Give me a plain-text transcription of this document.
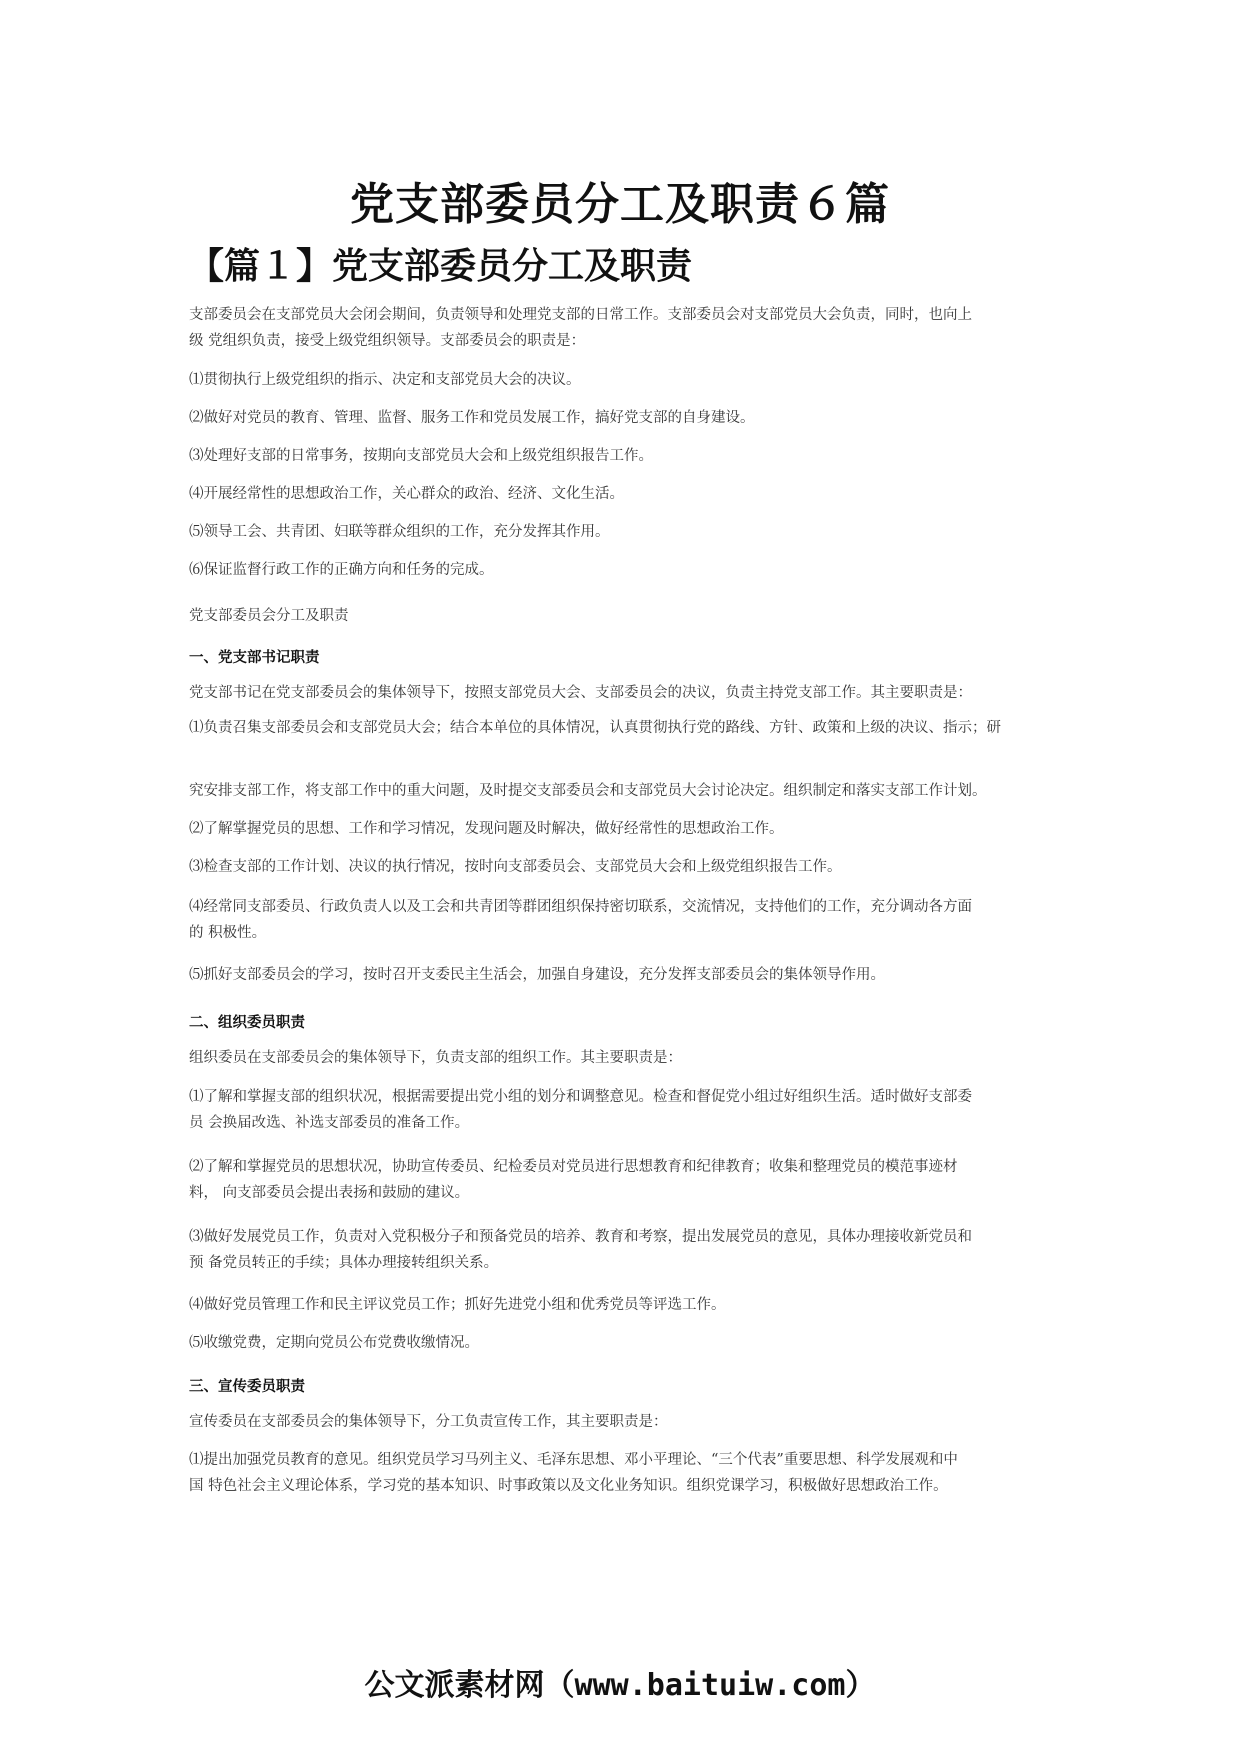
党支部委员分工及职责６篇
【篇１】党支部委员分工及职责
支部委员会在支部党员大会闭会期间，负责领导和处理党支部的日常工作。支部委员会对支部党员大会负责，同时，也向上
级 党组织负责，接受上级党组织领导。支部委员会的职责是：
⑴贯彻执行上级党组织的指示、决定和支部党员大会的决议。
⑵做好对党员的教育、管理、监督、服务工作和党员发展工作，搞好党支部的自身建设。
⑶处理好支部的日常事务，按期向支部党员大会和上级党组织报告工作。
⑷开展经常性的思想政治工作，关心群众的政治、经济、文化生活。
⑸领导工会、共青团、妇联等群众组织的工作，充分发挥其作用。
⑹保证监督行政工作的正确方向和任务的完成。
党支部委员会分工及职责
一、党支部书记职责
党支部书记在党支部委员会的集体领导下，按照支部党员大会、支部委员会的决议，负责主持党支部工作。其主要职责是：
⑴负责召集支部委员会和支部党员大会；结合本单位的具体情况，认真贯彻执行党的路线、方针、政策和上级的决议、指示；研
究安排支部工作，将支部工作中的重大问题，及时提交支部委员会和支部党员大会讨论决定。组织制定和落实支部工作计划。
⑵了解掌握党员的思想、工作和学习情况，发现问题及时解决，做好经常性的思想政治工作。
⑶检查支部的工作计划、决议的执行情况，按时向支部委员会、支部党员大会和上级党组织报告工作。
⑷经常同支部委员、行政负责人以及工会和共青团等群团组织保持密切联系，交流情况，支持他们的工作，充分调动各方面
的 积极性。
⑸抓好支部委员会的学习，按时召开支委民主生活会，加强自身建设，充分发挥支部委员会的集体领导作用。
二、组织委员职责
组织委员在支部委员会的集体领导下，负责支部的组织工作。其主要职责是：
⑴了解和掌握支部的组织状况，根据需要提出党小组的划分和调整意见。检查和督促党小组过好组织生活。适时做好支部委
员 会换届改选、补选支部委员的准备工作。
⑵了解和掌握党员的思想状况，协助宣传委员、纪检委员对党员进行思想教育和纪律教育；收集和整理党员的模范事迹材
料， 向支部委员会提出表扬和鼓励的建议。
⑶做好发展党员工作，负责对入党积极分子和预备党员的培养、教育和考察，提出发展党员的意见，具体办理接收新党员和
预 备党员转正的手续；具体办理接转组织关系。
⑷做好党员管理工作和民主评议党员工作；抓好先进党小组和优秀党员等评选工作。
⑸收缴党费，定期向党员公布党费收缴情况。
三、宣传委员职责
宣传委员在支部委员会的集体领导下，分工负责宣传工作，其主要职责是：
⑴提出加强党员教育的意见。组织党员学习马列主义、毛泽东思想、邓小平理论、“三个代表”重要思想、科学发展观和中
国 特色社会主义理论体系，学习党的基本知识、时事政策以及文化业务知识。组织党课学习，积极做好思想政治工作。
公文派素材网（www.baituiw.com）
